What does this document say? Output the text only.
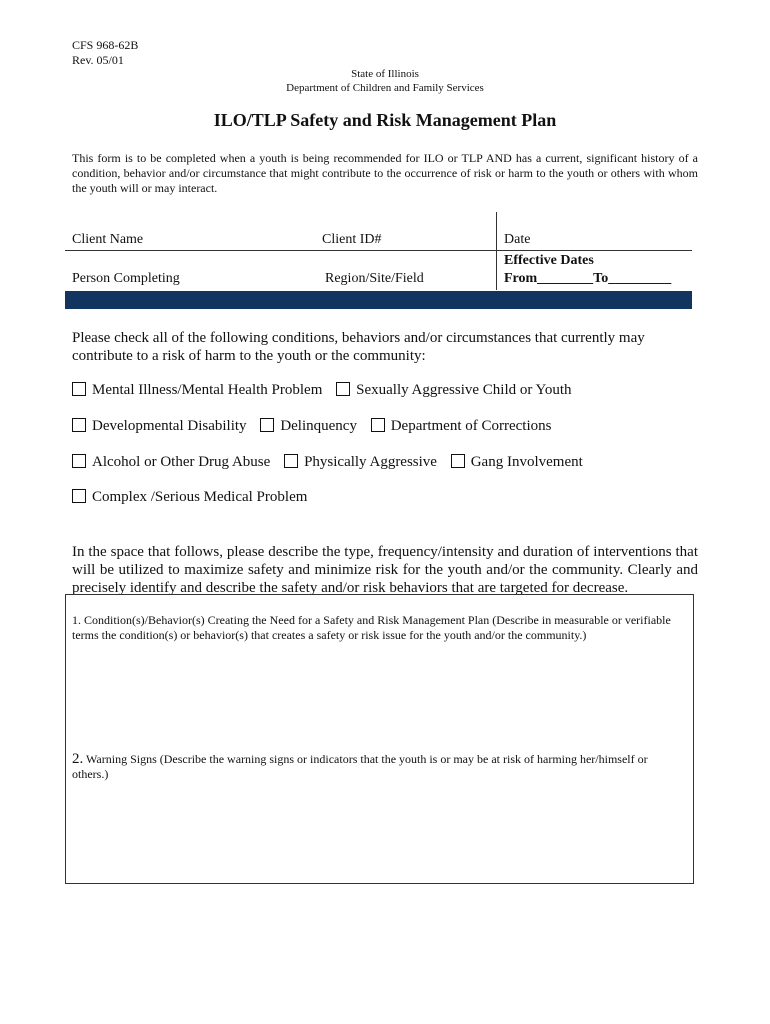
CFS 968-62B
Rev. 05/01
State of Illinois
Department of Children and Family Services
ILO/TLP Safety and Risk Management Plan
This form is to be completed when a youth is being recommended for ILO or TLP AND has a current, significant history of a condition, behavior and/or circumstance that might contribute to the occurrence of risk or harm to the youth or others with whom the youth will or may interact.
Client Name	Client ID#	Date
Effective Dates
Person Completing	Region/Site/Field	From________To_________
Please check all of the following conditions, behaviors and/or circumstances that currently may contribute to a risk of harm to the youth or the community:
Mental Illness/Mental Health Problem Sexually Aggressive Child or Youth
Developmental Disability Delinquency Department of Corrections
Alcohol or Other Drug Abuse Physically Aggressive Gang Involvement
Complex /Serious Medical Problem
In the space that follows, please describe the type, frequency/intensity and duration of interventions that will be utilized to maximize safety and minimize risk for the youth and/or the community. Clearly and precisely identify and describe the safety and/or risk behaviors that are targeted for decrease.
1. Condition(s)/Behavior(s) Creating the Need for a Safety and Risk Management Plan (Describe in measurable or verifiable terms the condition(s) or behavior(s) that creates a safety or risk issue for the youth and/or the community.)
2. Warning Signs (Describe the warning signs or indicators that the youth is or may be at risk of harming her/himself or others.)
